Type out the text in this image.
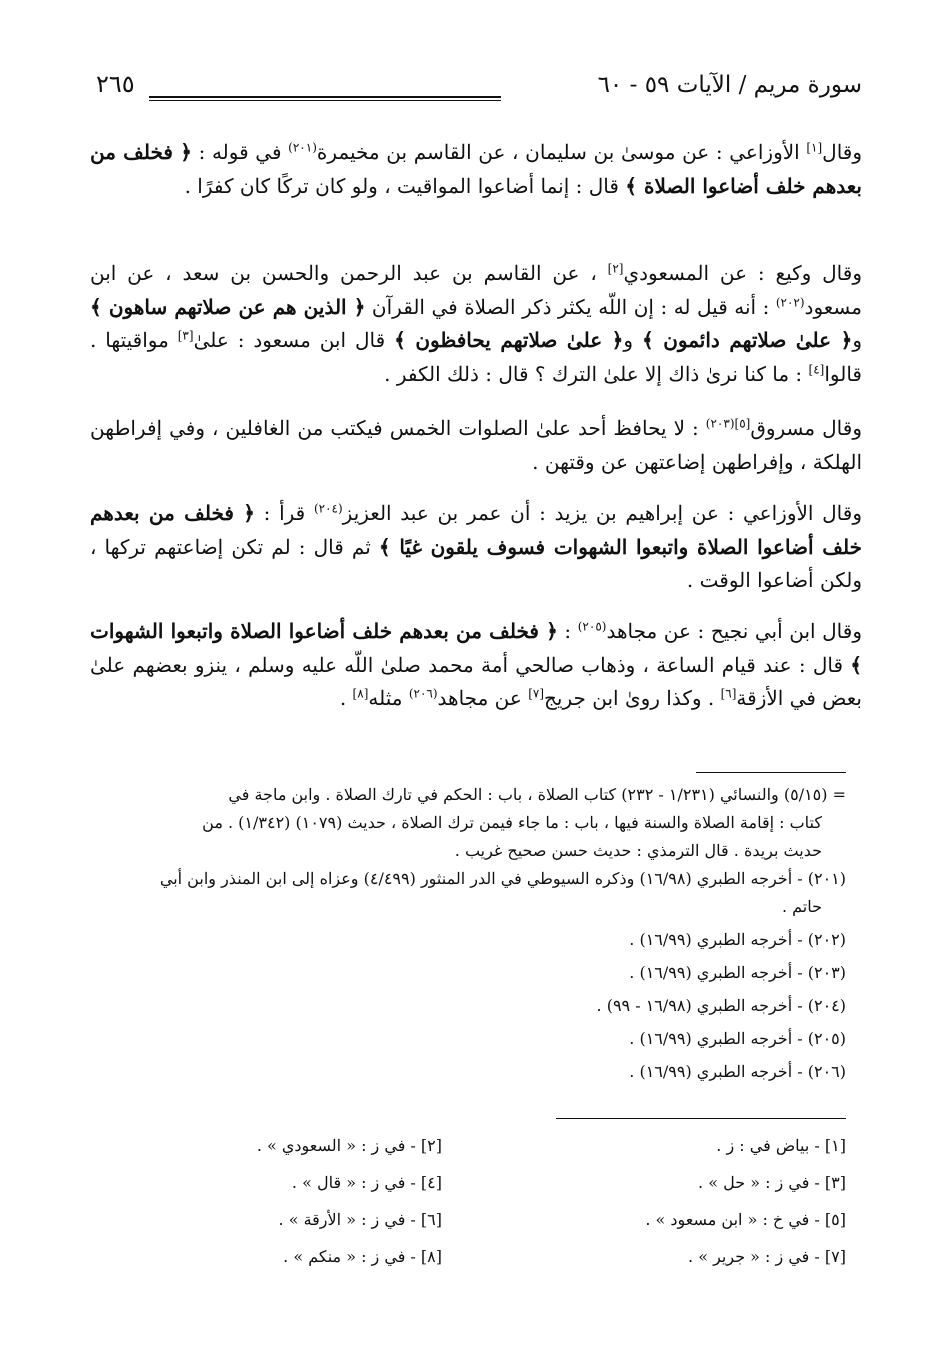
سورة مريم / الآيات ٥٩ - ٦٠
٢٦٥
وقال[١] الأوزاعي : عن موسىٰ بن سليمان ، عن القاسم بن مخيمرة$^{(٢٠١)}$ في قوله : ﴿ فخلف من بعدهم خلف أضاعوا الصلاة ﴾ قال : إنما أضاعوا المواقيت ، ولو كان تركًا كان كفرًا .
وقال وكيع : عن المسعودي[٢] ، عن القاسم بن عبد الرحمن والحسن بن سعد ، عن ابن مسعود$^{(٢٠٢)}$ : أنه قيل له : إن اللّه يكثر ذكر الصلاة في القرآن ﴿ الذين هم عن صلاتهم ساهون ﴾ و﴿ علىٰ صلاتهم دائمون ﴾ و﴿ علىٰ صلاتهم يحافظون ﴾ قال ابن مسعود : علىٰ[٣] مواقيتها . قالوا[٤] : ما كنا نرىٰ ذاك إلا علىٰ الترك ؟ قال : ذلك الكفر .
وقال مسروق$^{[٥](٢٠٣)}$ : لا يحافظ أحد علىٰ الصلوات الخمس فيكتب من الغافلين ، وفي إفراطهن الهلكة ، وإفراطهن إضاعتهن عن وقتهن .
وقال الأوزاعي : عن إبراهيم بن يزيد : أن عمر بن عبد العزيز$^{(٢٠٤)}$ قرأ : ﴿ فخلف من بعدهم خلف أضاعوا الصلاة واتبعوا الشهوات فسوف يلقون غيًا ﴾ ثم قال : لم تكن إضاعتهم تركها ، ولكن أضاعوا الوقت .
وقال ابن أبي نجيح : عن مجاهد$^{(٢٠٥)}$ : ﴿ فخلف من بعدهم خلف أضاعوا الصلاة واتبعوا الشهوات ﴾ قال : عند قيام الساعة ، وذهاب صالحي أمة محمد صلىٰ اللّه عليه وسلم ، ينزو بعضهم علىٰ بعض في الأزقة[٦] . وكذا روىٰ ابن جريج[٧] عن مجاهد$^{(٢٠٦)}$ مثله[٨] .
= (٥/١٥) والنسائي (١/٢٣١ - ٢٣٢) كتاب الصلاة ، باب : الحكم في تارك الصلاة . وابن ماجة في
كتاب : إقامة الصلاة والسنة فيها ، باب : ما جاء فيمن ترك الصلاة ، حديث (١٠٧٩) (١/٣٤٢) . من
حديث بريدة . قال الترمذي : حديث حسن صحيح غريب .
(٢٠١) - أخرجه الطبري (١٦/٩٨) وذكره السيوطي في الدر المنثور (٤/٤٩٩) وعزاه إلى ابن المنذر وابن أبي
حاتم .
(٢٠٢) - أخرجه الطبري (١٦/٩٩) .
(٢٠٣) - أخرجه الطبري (١٦/٩٩) .
(٢٠٤) - أخرجه الطبري (١٦/٩٨ - ٩٩) .
(٢٠٥) - أخرجه الطبري (١٦/٩٩) .
(٢٠٦) - أخرجه الطبري (١٦/٩٩) .
[١] - بياض في : ز .
[٣] - في ز : « حل » .
[٥] - في خ : « ابن مسعود » .
[٧] - في ز : « جرير » .
[٢] - في ز : « السعودي » .
[٤] - في ز : « قال » .
[٦] - في ز : « الأرقة » .
[٨] - في ز : « منكم » .
